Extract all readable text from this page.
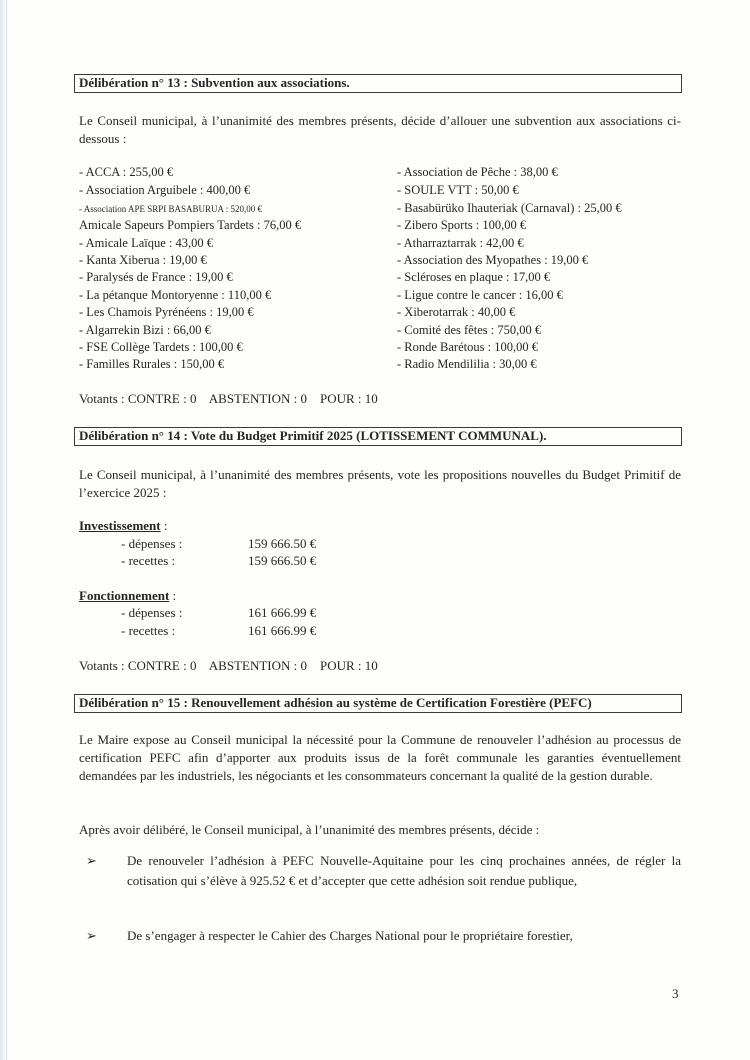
Délibération n° 13 : Subvention aux associations.
Le Conseil municipal, à l’unanimité des membres présents, décide d’allouer une subvention aux associations ci-dessous :
- ACCA : 255,00 €
- Association Arguibele : 400,00 €
- Association APE SRPI BASABURUA : 520,00 €
Amicale Sapeurs Pompiers Tardets : 76,00 €
- Amicale Laïque : 43,00 €
- Kanta Xiberua : 19,00 €
- Paralysés de France : 19,00 €
- La pétanque Montoryenne : 110,00 €
- Les Chamois Pyrénéens : 19,00 €
- Algarrekin Bizi : 66,00 €
- FSE Collège Tardets : 100,00 €
- Familles Rurales : 150,00 €
- Association de Pêche : 38,00 €
- SOULE VTT : 50,00 €
- Basabürüko Ihauteriak (Carnaval) : 25,00 €
- Zibero Sports : 100,00 €
- Atharraztarrak : 42,00 €
- Association des Myopathes : 19,00 €
- Scléroses en plaque : 17,00 €
- Ligue contre le cancer : 16,00 €
- Xiberotarrak : 40,00 €
- Comité des fêtes : 750,00 €
- Ronde Barétous : 100,00 €
- Radio Mendililia : 30,00 €
Votants : CONTRE : 0    ABSTENTION : 0    POUR : 10
Délibération n° 14 : Vote du Budget Primitif 2025 (LOTISSEMENT COMMUNAL).
Le Conseil municipal, à l’unanimité des membres présents, vote les propositions nouvelles du Budget Primitif de l’exercice 2025 :
Investissement :
- dépenses :	159 666.50 €
- recettes :	159 666.50 €
Fonctionnement :
- dépenses :	161 666.99 €
- recettes :	161 666.99 €
Votants : CONTRE : 0    ABSTENTION : 0    POUR : 10
Délibération n° 15 : Renouvellement adhésion au système de Certification Forestière (PEFC)
Le Maire expose au Conseil municipal la nécessité pour la Commune de renouveler l’adhésion au processus de certification PEFC afin d’apporter aux produits issus de la forêt communale les garanties éventuellement demandées par les industriels, les négociants et les consommateurs concernant la qualité de la gestion durable.
Après avoir délibéré, le Conseil municipal, à l’unanimité des membres présents, décide :
➢ De renouveler l’adhésion à PEFC Nouvelle-Aquitaine pour les cinq prochaines années, de régler la cotisation qui s’élève à 925.52 € et d’accepter que cette adhésion soit rendue publique,
➢ De s’engager à respecter le Cahier des Charges National pour le propriétaire forestier,
3
